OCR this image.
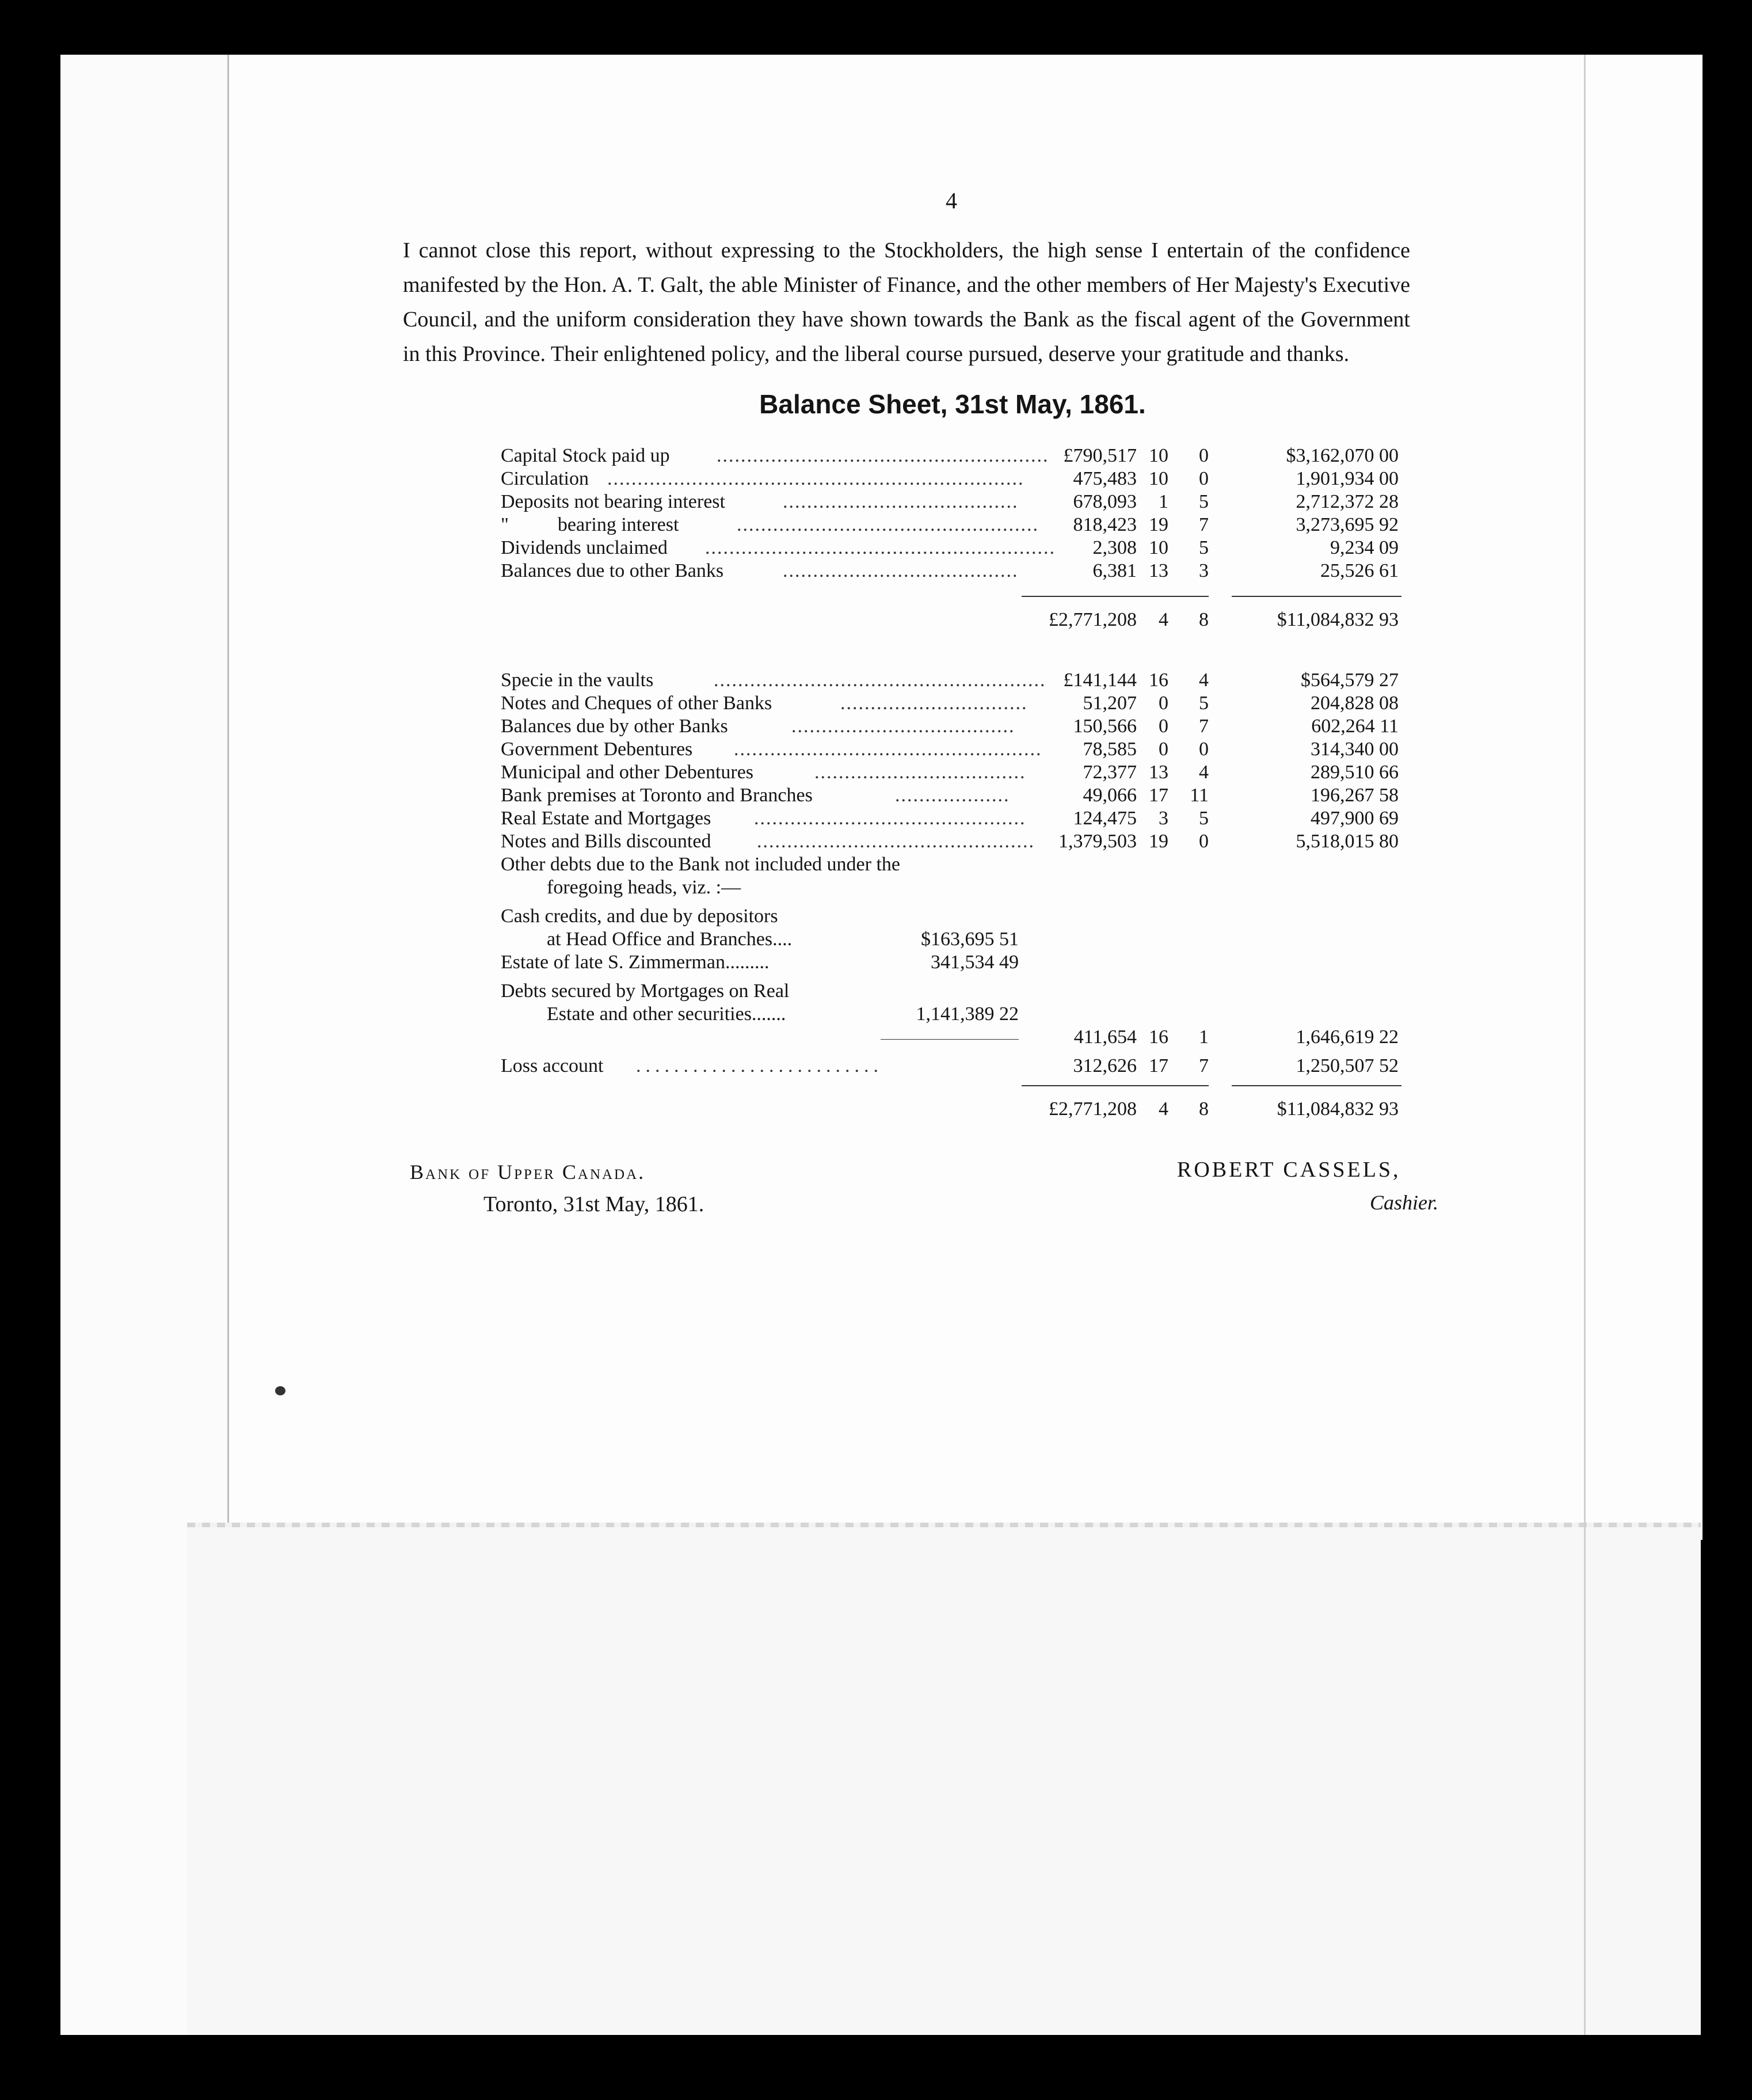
4

I cannot close this report, without expressing to the Stockholders, the high sense I entertain of the confidence manifested by the Hon. A. T. Galt, the able Minister of Finance, and the other members of Her Majesty's Executive Council, and the uniform consideration they have shown towards the Bank as the fiscal agent of the Government in this Province. Their enlightened policy, and the liberal course pursued, deserve your gratitude and thanks.

Balance Sheet, 31st May, 1861.
Capital Stock paid up ....................................................... £790,517 10	0	$3,162,070 00
Circulation .....................................................................	475,483 10	0	1,901,934 00
Deposits not bearing interest	.......................................	678,093	1	5	2,712,372 28
"          bearing interest	.................................................. 818,423 19	7	3,273,695 92
Dividends unclaimed .......................................................... 2,308 10	5	9,234 09
Balances due to other Banks	.......................................	6,381 13	3	25,526 61
£2,771,208	4	8	$11,084,832 93
Specie in the vaults	....................................................... £141,144 16	4	$564,579 27
Notes and Cheques of other Banks	...............................	51,207	0	5	204,828 08
Balances due by other Banks	.....................................	150,566	0	7	602,264 11
Government Debentures ................................................... 78,585	0	0	314,340 00
Municipal and other Debentures	...................................	72,377 13	4	289,510 66
Bank premises at Toronto and Branches	...................	49,066 17 11	196,267 58
Real Estate and Mortgages ............................................. 124,475	3	5	497,900 69
Notes and Bills discounted .............................................. 1,379,503 19	0	5,518,015 80
Other debts due to the Bank not included under the
foregoing heads, viz. :—
Cash credits, and due by depositors
at Head Office and Branches....	$163,695 51
Estate of late S. Zimmerman.........	341,534 49
Debts secured by Mortgages on Real
Estate and other securities.......	1,141,389 22
411,654 16	1	1,646,619 22
Loss account ..........................	312,626 17	7	1,250,507 52
£2,771,208	4	8	$11,084,832 93
Bank of Upper Canada.
Toronto, 31st May, 1861.
ROBERT CASSELS,
Cashier.
